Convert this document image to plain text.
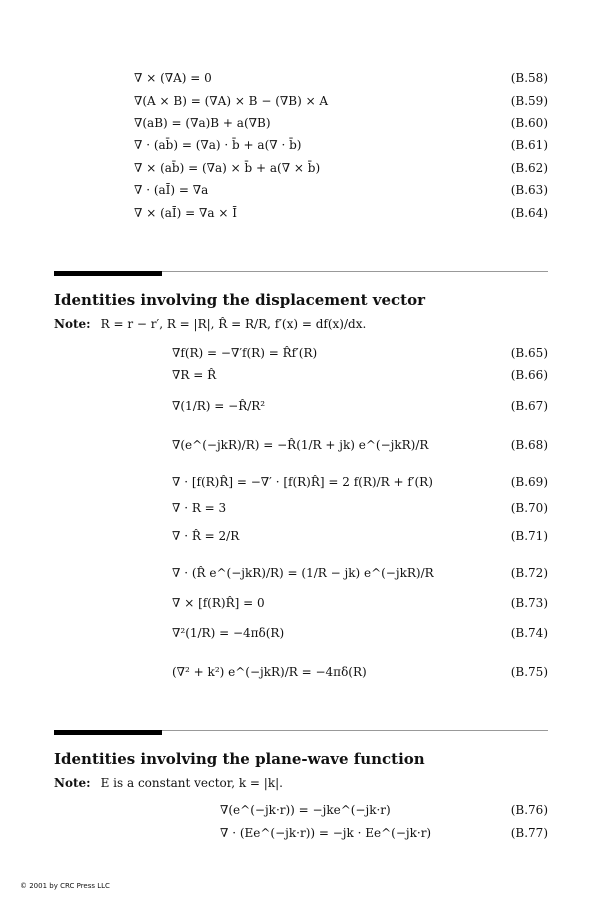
∇ × (∇A) = 0	(B.58)
∇(A × B) = (∇A) × B − (∇B) × A	(B.59)
∇(aB) = (∇a)B + a(∇B)	(B.60)
∇ · (ab̄) = (∇a) · b̄ + a(∇ · b̄)	(B.61)
∇ × (ab̄) = (∇a) × b̄ + a(∇ × b̄)	(B.62)
∇ · (aĪ) = ∇a	(B.63)
∇ × (aĪ) = ∇a × Ī	(B.64)
Identities involving the displacement vector
Note: R = r − r′, R = |R|, R̂ = R/R, f′(x) = df(x)/dx.
∇f(R) = −∇′f(R) = R̂f′(R)	(B.65)
∇R = R̂	(B.66)
∇(1/R) = −R̂/R²	(B.67)
∇(e^(−jkR)/R) = −R̂(1/R + jk) e^(−jkR)/R	(B.68)
∇ · [f(R)R̂] = −∇′ · [f(R)R̂] = 2 f(R)/R + f′(R)	(B.69)
∇ · R = 3	(B.70)
∇ · R̂ = 2/R	(B.71)
∇ · (R̂ e^(−jkR)/R) = (1/R − jk) e^(−jkR)/R	(B.72)
∇ × [f(R)R̂] = 0	(B.73)
∇²(1/R) = −4πδ(R)	(B.74)
(∇² + k²) e^(−jkR)/R = −4πδ(R)	(B.75)
Identities involving the plane-wave function
Note: E is a constant vector, k = |k|.
∇(e^(−jk·r)) = −jke^(−jk·r)	(B.76)
∇ · (Ee^(−jk·r)) = −jk · Ee^(−jk·r)	(B.77)
© 2001 by CRC Press LLC
